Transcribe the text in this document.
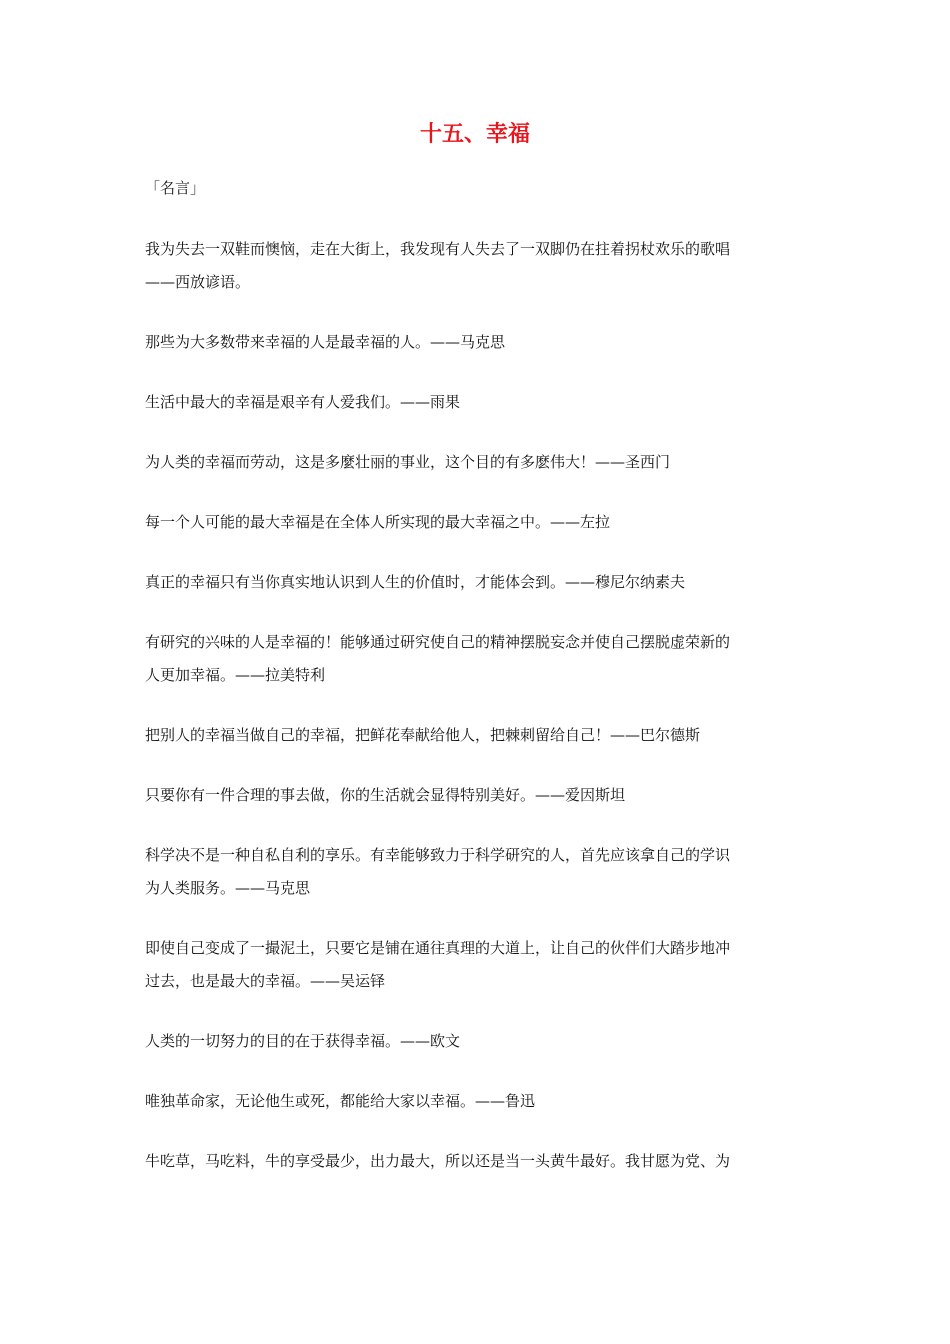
十五、幸福

「名言」

我为失去一双鞋而懊恼，走在大街上，我发现有人失去了一双脚仍在拄着拐杖欢乐的歌唱
——西放谚语。
那些为大多数带来幸福的人是最幸福的人。——马克思
生活中最大的幸福是艰辛有人爱我们。——雨果
为人类的幸福而劳动，这是多麼壮丽的事业，这个目的有多麽伟大！——圣西门
每一个人可能的最大幸福是在全体人所实现的最大幸福之中。——左拉
真正的幸福只有当你真实地认识到人生的价值时，才能体会到。——穆尼尔纳素夫
有研究的兴味的人是幸福的！能够通过研究使自己的精神摆脱妄念并使自己摆脱虚荣新的
人更加幸福。——拉美特利
把别人的幸福当做自己的幸福，把鲜花奉献给他人，把棘刺留给自己！——巴尔德斯
只要你有一件合理的事去做，你的生活就会显得特别美好。——爱因斯坦
科学决不是一种自私自利的享乐。有幸能够致力于科学研究的人，首先应该拿自己的学识
为人类服务。——马克思
即使自己变成了一撮泥土，只要它是铺在通往真理的大道上，让自己的伙伴们大踏步地冲
过去，也是最大的幸福。——吴运铎
人类的一切努力的目的在于获得幸福。——欧文
唯独革命家，无论他生或死，都能给大家以幸福。——鲁迅
牛吃草，马吃料，牛的享受最少，出力最大，所以还是当一头黄牛最好。我甘愿为党、为
